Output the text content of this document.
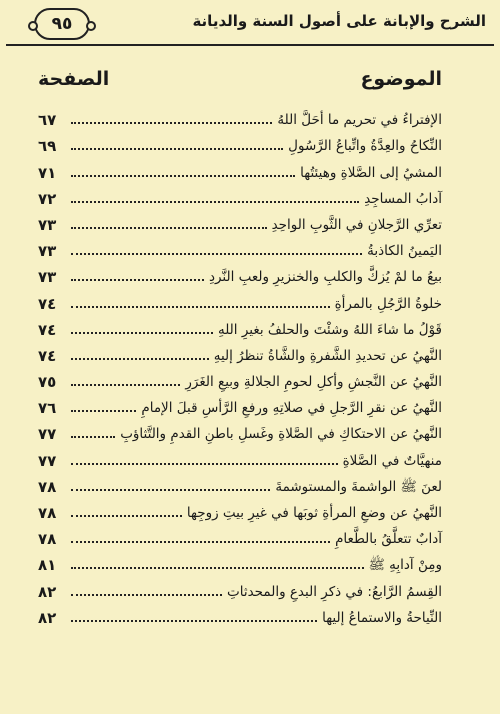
٩٥	الشرح والإبانة على أصول السنة والديانة
الموضوع
الصفحة
الإفتراءُ في تحريم ما أحَلَّ اللهُ
٦٧
النِّكاحُ والعِدَّةُ واتِّباعُ الرَّسُولِ
٦٩
المشيُ إلى الصَّلاةِ وهيئتُها
٧١
آدابُ المساجِدِ
٧٢
تعرِّي الرَّجلانِ في الثَّوبِ الواحِدِ
٧٣
اليَمينُ الكاذبةُ
٧٣
بيعُ ما لمْ يُزكَّ والكلبِ والخنزيرِ ولعبِ النَّردِ
٧٣
خلوةُ الرَّجُلِ بالمرأةِ
٧٤
قَوْلُ ما شاءَ اللهُ وشئْتَ والحلفُ بغيرِ اللهِ
٧٤
النَّهيُ عن تحديدِ الشَّفرةِ والشَّاةُ تنظرُ إليهِ
٧٤
النَّهيُ عن النَّجشِ وأكلِ لحومِ الجلالةِ وبيعِ الغَرَرِ
٧٥
النَّهيُ عن نقرِ الرَّجلِ في صلاتِهِ ورفعِ الرَّأسِ قبلَ الإمامِ
٧٦
النَّهيُ عن الاحتكاكِ في الصَّلاةِ وغَسلِ باطنِ القدمِ والتَّثاؤبِ
٧٧
منهيَّاتٌ في الصَّلاةِ
٧٧
لعنَ ﷺ الواشمةَ والمستوشمةَ
٧٨
النَّهيُ عن وضعِ المرأةِ ثوبَها في غيرِ بيتِ زوجِها
٧٨
آدابٌ تتعلَّقُ بالطَّعامِ
٧٨
ومِنْ آدابِهِ ﷺ
٨١
القِسمُ الرَّابعُ: في ذكرِ البدعِ والمحدثاتِ
٨٢
النِّياحةُ والاستماعُ إليها
٨٢
